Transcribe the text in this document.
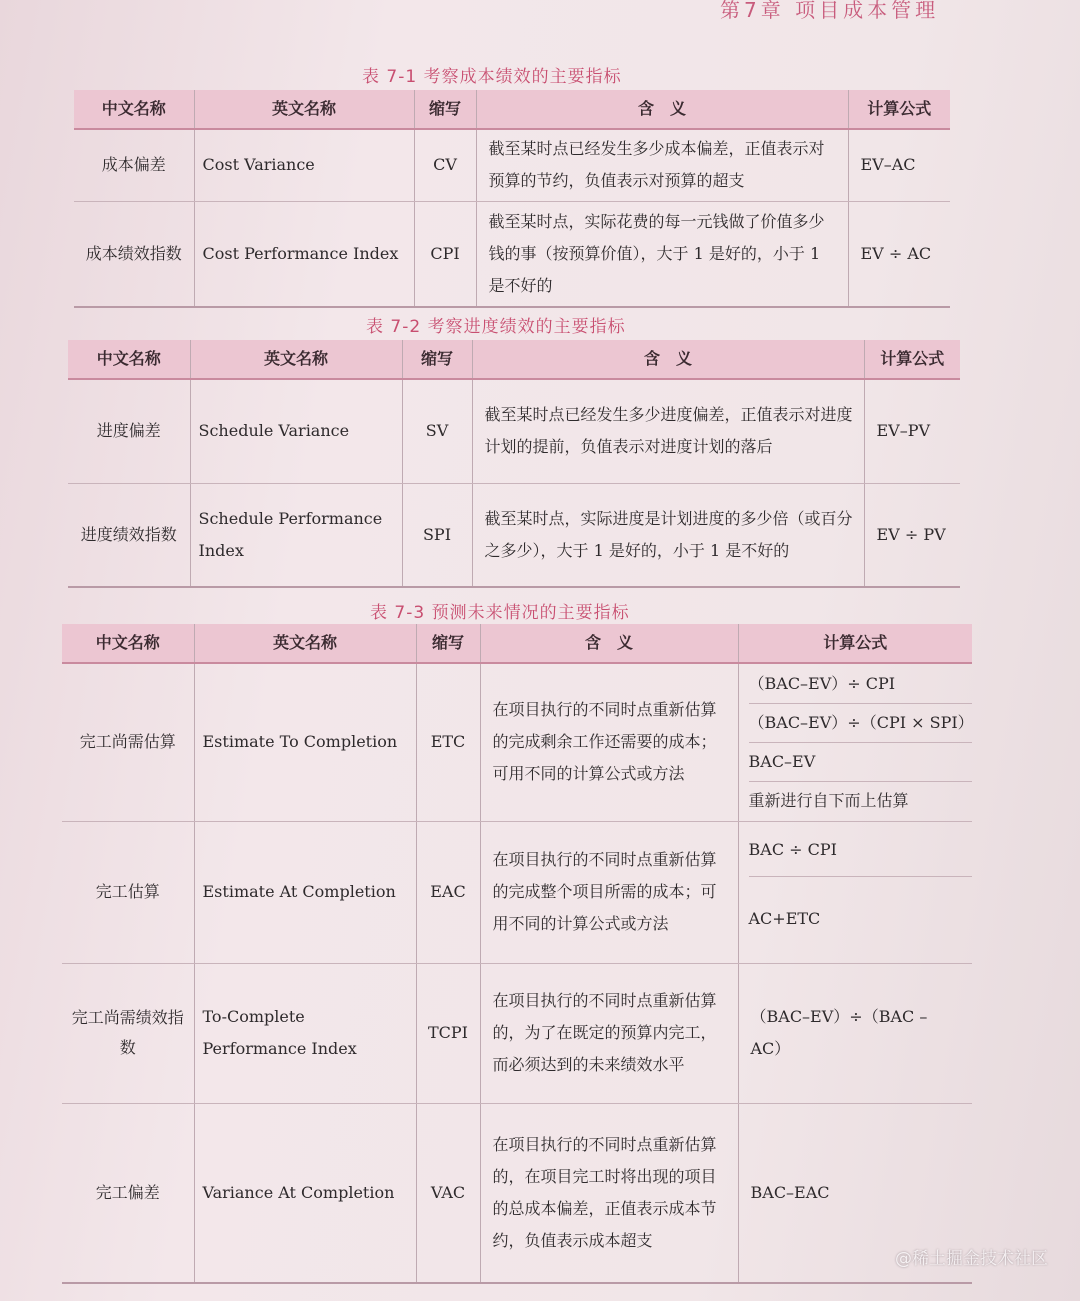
第7章 项目成本管理
表 7-1 考察成本绩效的主要指标
中文名称	英文名称	缩写	含　义	计算公式
成本偏差	Cost Variance	CV	截至某时点已经发生多少成本偏差，正值表示对预算的节约，负值表示对预算的超支	EV–AC
成本绩效指数	Cost Performance Index	CPI	截至某时点，实际花费的每一元钱做了价值多少钱的事（按预算价值），大于 1 是好的，小于 1 是不好的	EV ÷ AC
表 7-2 考察进度绩效的主要指标
中文名称	英文名称	缩写	含　义	计算公式
进度偏差	Schedule Variance	SV	截至某时点已经发生多少进度偏差，正值表示对进度计划的提前，负值表示对进度计划的落后	EV–PV
进度绩效指数	Schedule Performance Index	SPI	截至某时点，实际进度是计划进度的多少倍（或百分之多少），大于 1 是好的，小于 1 是不好的	EV ÷ PV
表 7-3 预测未来情况的主要指标
中文名称	英文名称	缩写	含　义	计算公式
完工尚需估算	Estimate To Completion	ETC	在项目执行的不同时点重新估算的完成剩余工作还需要的成本；可用不同的计算公式或方法	（BAC–EV）÷ CPI
（BAC–EV）÷（CPI × SPI）
BAC–EV
重新进行自下而上估算

完工估算	Estimate At Completion	EAC	在项目执行的不同时点重新估算的完成整个项目所需的成本；可用不同的计算公式或方法	BAC ÷ CPI
AC+ETC

完工尚需绩效指数	To-Complete Performance Index	TCPI	在项目执行的不同时点重新估算的，为了在既定的预算内完工，而必须达到的未来绩效水平	（BAC–EV）÷（BAC – AC）
完工偏差	Variance At Completion	VAC	在项目执行的不同时点重新估算的，在项目完工时将出现的项目的总成本偏差，正值表示成本节约，负值表示成本超支	BAC–EAC
@稀土掘金技术社区
